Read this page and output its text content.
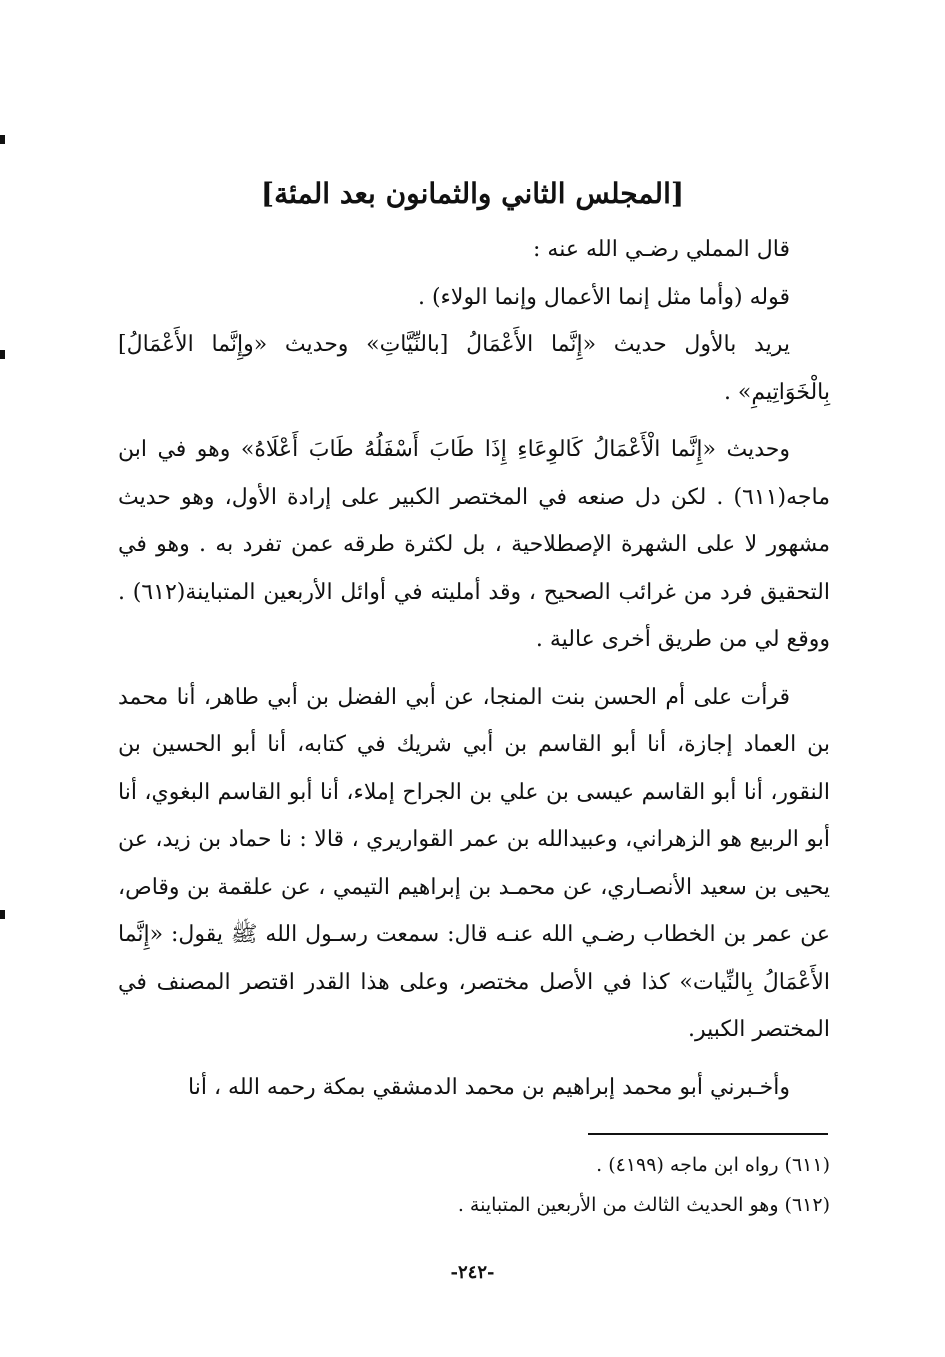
[المجلس الثاني والثمانون بعد المئة]

قال المملي رضـي الله عنه :

قوله (وأما مثل إنما الأعمال وإنما الولاء) .

يريد بالأول حديث «إِنَّما الأَعْمَالُ [بالنِّيَّاتِ» وحديث «وإِنَّما الأَعْمَالُ] بِالْخَوَاتِيمِ» .

وحديث «إِنَّما الْأَعْمَالُ كَالوِعَاءِ إِذَا طَابَ أَسْفَلُهُ طَابَ أَعْلَاهُ» وهو في ابن ماجه(٦١١) . لكن دل صنعه في المختصر الكبير على إرادة الأول، وهو حديث مشهور لا على الشهرة الإصطلاحية ، بل لكثرة طرقه عمن تفرد به . وهو في التحقيق فرد من غرائب الصحيح ، وقد أمليته في أوائل الأربعين المتباينة(٦١٢) . ووقع لي من طريق أخرى عالية .

قرأت على أم الحسن بنت المنجا، عن أبي الفضل بن أبي طاهر، أنا محمد بن العماد إجازة، أنا أبو القاسم بن أبي شريك في كتابه، أنا أبو الحسين بن النقور، أنا أبو القاسم عيسى بن علي بن الجراح إملاء، أنا أبو القاسم البغوي، أنا أبو الربيع هو الزهراني، وعبيدالله بن عمر القواريري ، قالا : نا حماد بن زيد، عن يحيى بن سعيد الأنصـاري، عن محمـد بن إبراهيم التيمي ، عن علقمة بن وقاص، عن عمر بن الخطاب رضـي الله عنـه قال: سمعت رسـول الله ﷺ يقول: «إِنَّما الأَعْمَالُ بِالنِّيات» كذا في الأصل مختصر، وعلى هذا القدر اقتصر المصنف في المختصر الكبير.

وأخـبرني أبو محمد إبراهيم بن محمد الدمشقي بمكة رحمه الله ، أنا

(٦١١) رواه ابن ماجه (٤١٩٩) .

(٦١٢) وهو الحديث الثالث من الأربعين المتباينة .

-٢٤٢-
